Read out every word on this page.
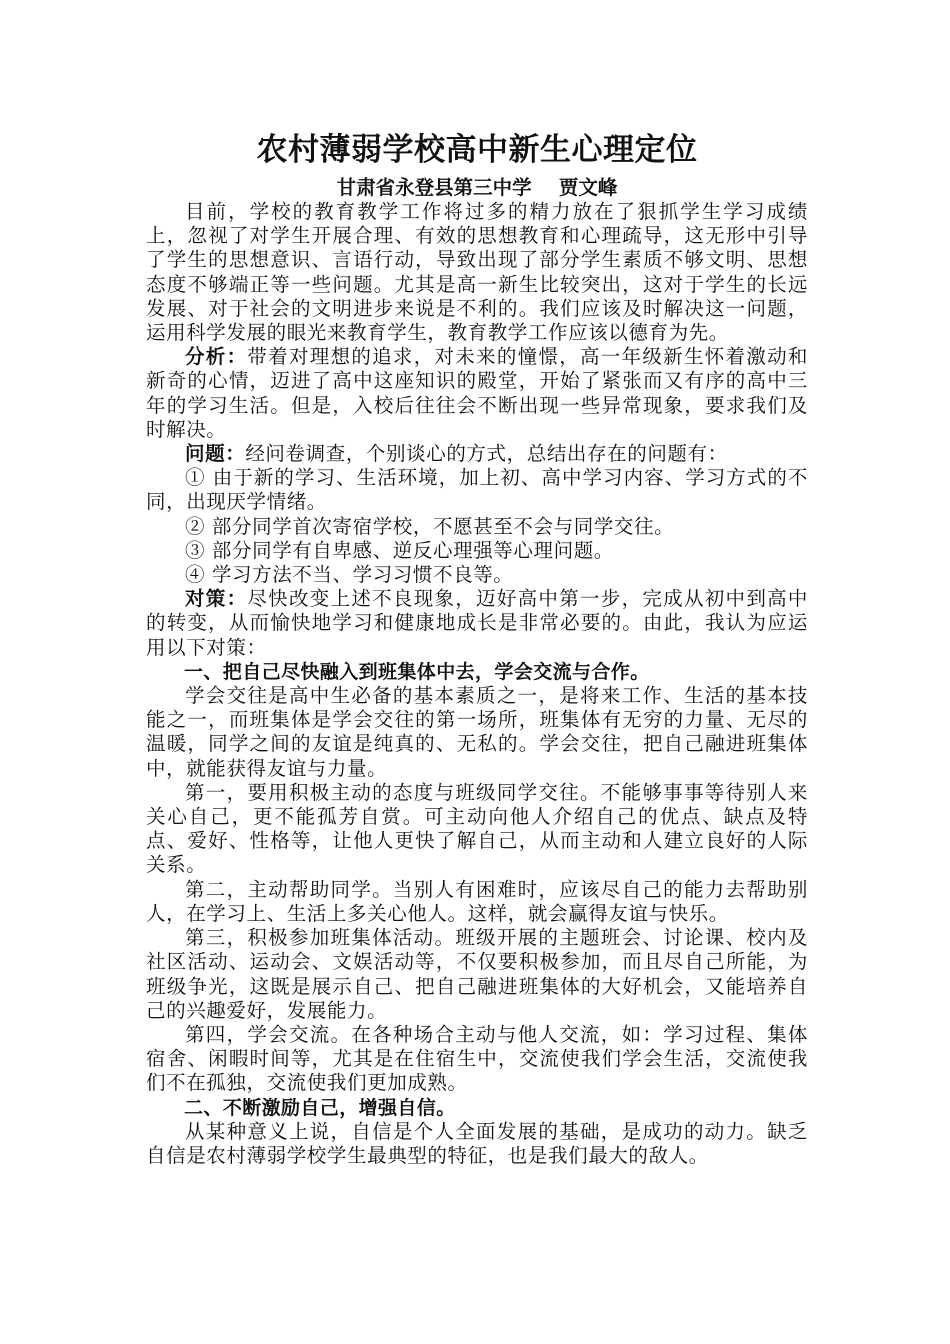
农村薄弱学校高中新生心理定位
甘肃省永登县第三中学    贾文峰

目前，学校的教育教学工作将过多的精力放在了狠抓学生学习成绩上，忽视了对学生开展合理、有效的思想教育和心理疏导，这无形中引导了学生的思想意识、言语行动，导致出现了部分学生素质不够文明、思想态度不够端正等一些问题。尤其是高一新生比较突出，这对于学生的长远发展、对于社会的文明进步来说是不利的。我们应该及时解决这一问题，运用科学发展的眼光来教育学生，教育教学工作应该以德育为先。

分析：带着对理想的追求，对未来的憧憬，高一年级新生怀着激动和新奇的心情，迈进了高中这座知识的殿堂，开始了紧张而又有序的高中三年的学习生活。但是，入校后往往会不断出现一些异常现象，要求我们及时解决。

问题：经问卷调查，个别谈心的方式，总结出存在的问题有：

① 由于新的学习、生活环境，加上初、高中学习内容、学习方式的不同，出现厌学情绪。

② 部分同学首次寄宿学校，不愿甚至不会与同学交往。

③ 部分同学有自卑感、逆反心理强等心理问题。

④ 学习方法不当、学习习惯不良等。

对策：尽快改变上述不良现象，迈好高中第一步，完成从初中到高中的转变，从而愉快地学习和健康地成长是非常必要的。由此，我认为应运用以下对策：

一、把自己尽快融入到班集体中去，学会交流与合作。

学会交往是高中生必备的基本素质之一，是将来工作、生活的基本技能之一，而班集体是学会交往的第一场所，班集体有无穷的力量、无尽的温暖，同学之间的友谊是纯真的、无私的。学会交往，把自己融进班集体中，就能获得友谊与力量。

第一，要用积极主动的态度与班级同学交往。不能够事事等待别人来关心自己，更不能孤芳自赏。可主动向他人介绍自己的优点、缺点及特点、爱好、性格等，让他人更快了解自己，从而主动和人建立良好的人际关系。

第二，主动帮助同学。当别人有困难时，应该尽自己的能力去帮助别人，在学习上、生活上多关心他人。这样，就会赢得友谊与快乐。

第三，积极参加班集体活动。班级开展的主题班会、讨论课、校内及社区活动、运动会、文娱活动等，不仅要积极参加，而且尽自己所能，为班级争光，这既是展示自己、把自己融进班集体的大好机会，又能培养自己的兴趣爱好，发展能力。

第四，学会交流。在各种场合主动与他人交流，如：学习过程、集体宿舍、闲暇时间等，尤其是在住宿生中，交流使我们学会生活，交流使我们不在孤独，交流使我们更加成熟。

二、不断激励自己，增强自信。

从某种意义上说，自信是个人全面发展的基础，是成功的动力。缺乏自信是农村薄弱学校学生最典型的特征，也是我们最大的敌人。
